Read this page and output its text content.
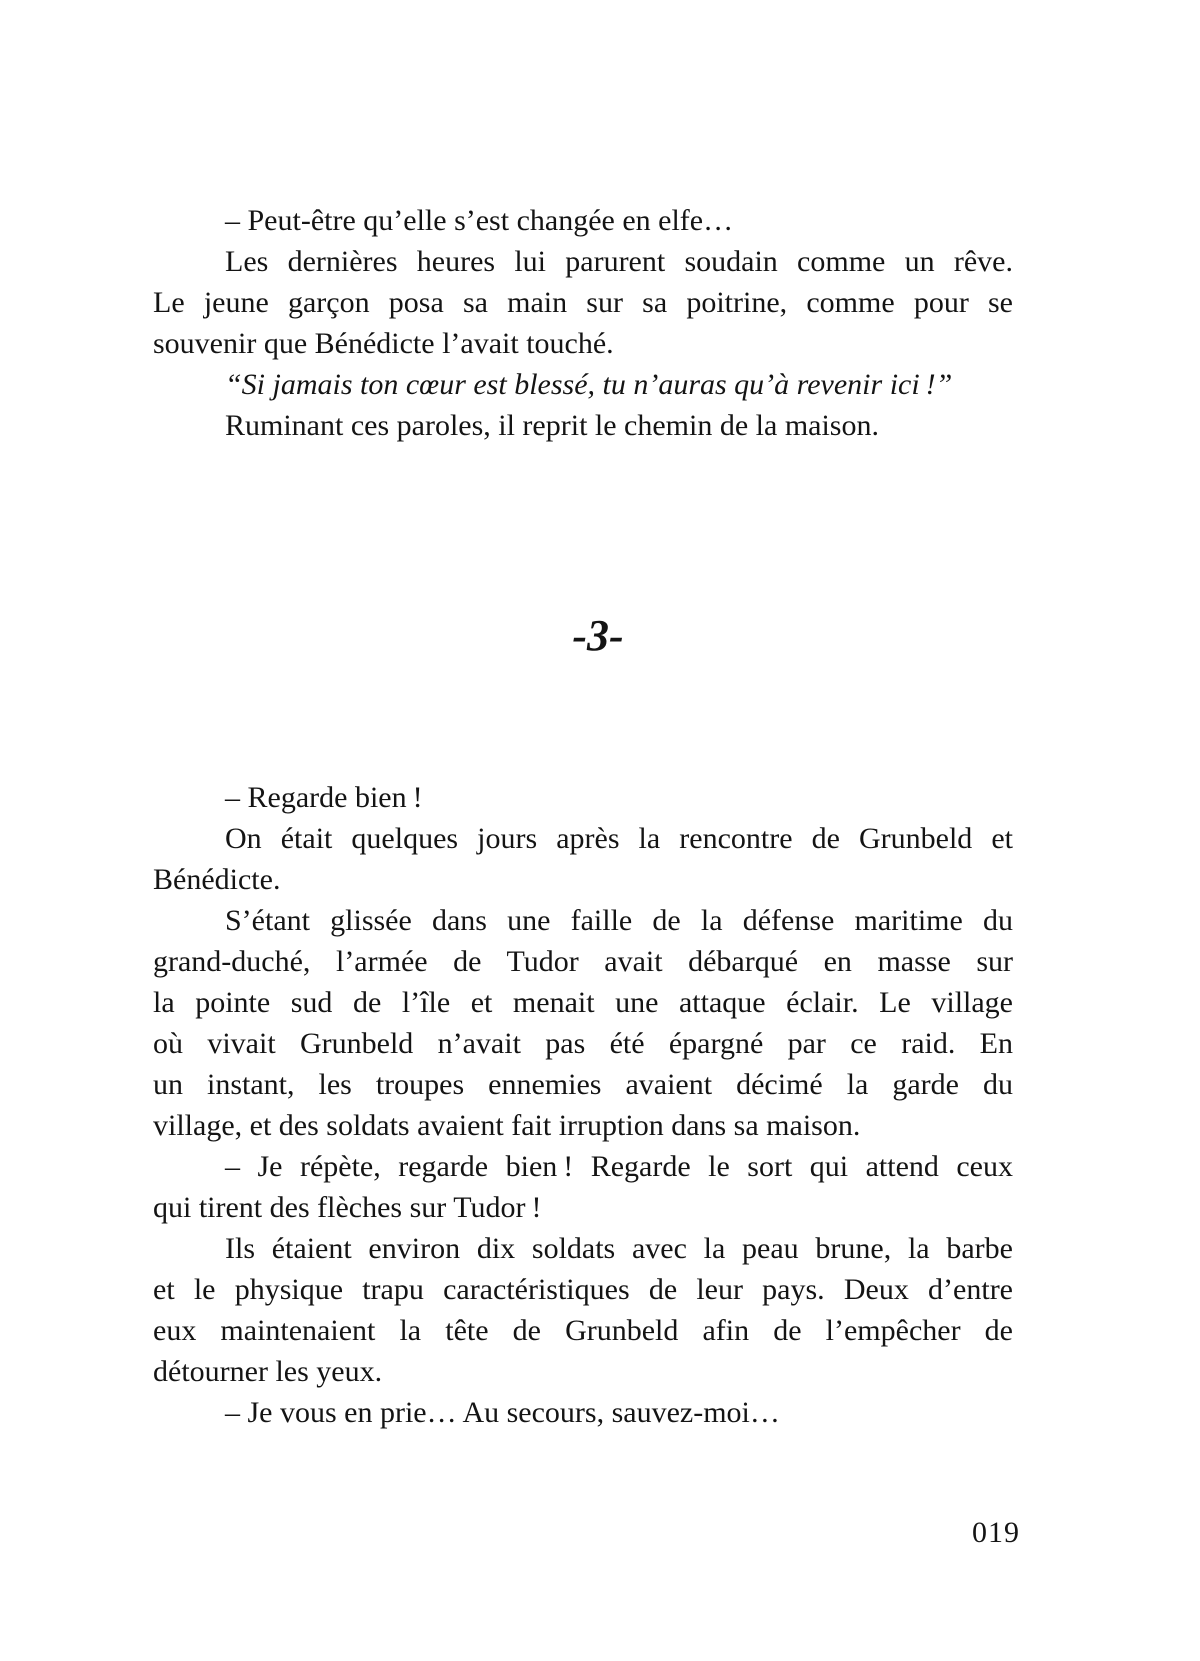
– Peut-être qu’elle s’est changée en elfe…
Les dernières heures lui parurent soudain comme un rêve.
Le jeune garçon posa sa main sur sa poitrine, comme pour se
souvenir que Bénédicte l’avait touché.
“Si jamais ton cœur est blessé, tu n’auras qu’à revenir ici !”
Ruminant ces paroles, il reprit le chemin de la maison.
-3-
– Regarde bien !
On était quelques jours après la rencontre de Grunbeld et
Bénédicte.
S’étant glissée dans une faille de la défense maritime du
grand-duché, l’armée de Tudor avait débarqué en masse sur
la pointe sud de l’île et menait une attaque éclair. Le village
où vivait Grunbeld n’avait pas été épargné par ce raid. En
un instant, les troupes ennemies avaient décimé la garde du
village, et des soldats avaient fait irruption dans sa maison.
– Je répète, regarde bien ! Regarde le sort qui attend ceux
qui tirent des flèches sur Tudor !
Ils étaient environ dix soldats avec la peau brune, la barbe
et le physique trapu caractéristiques de leur pays. Deux d’entre
eux maintenaient la tête de Grunbeld afin de l’empêcher de
détourner les yeux.
– Je vous en prie… Au secours, sauvez-moi…
019
